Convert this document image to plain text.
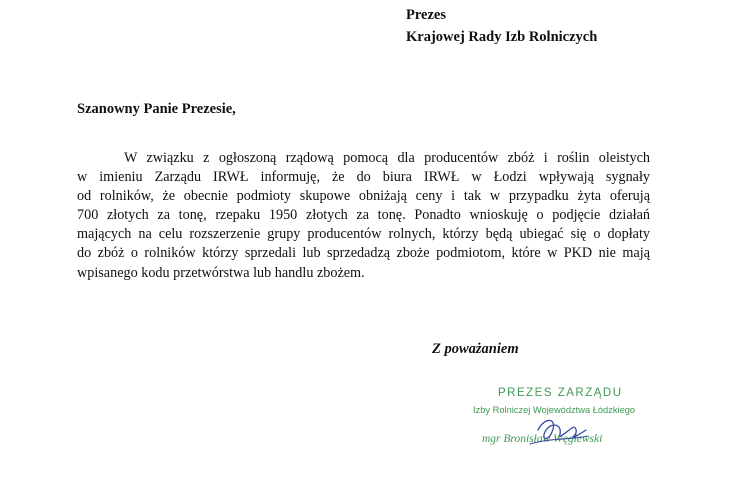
Prezes
Krajowej Rady Izb Rolniczych
Szanowny Panie Prezesie,
W związku z ogłoszoną rządową pomocą dla producentów zbóż i roślin oleistych
w imieniu Zarządu IRWŁ informuję, że do biura IRWŁ w Łodzi wpływają sygnały
od rolników, że obecnie podmioty skupowe obniżają ceny i tak w przypadku żyta oferują
700 złotych za tonę, rzepaku 1950 złotych za tonę. Ponadto wnioskuję o podjęcie działań
mających na celu rozszerzenie grupy producentów rolnych, którzy będą ubiegać się o dopłaty
do zbóż o rolników którzy sprzedali lub sprzedadzą zboże podmiotom, które w PKD nie mają
wpisanego kodu przetwórstwa lub handlu zbożem.
Z poważaniem
PREZES ZARZĄDU
Izby Rolniczej Województwa Łódzkiego
mgr Bronisław Węglewski
